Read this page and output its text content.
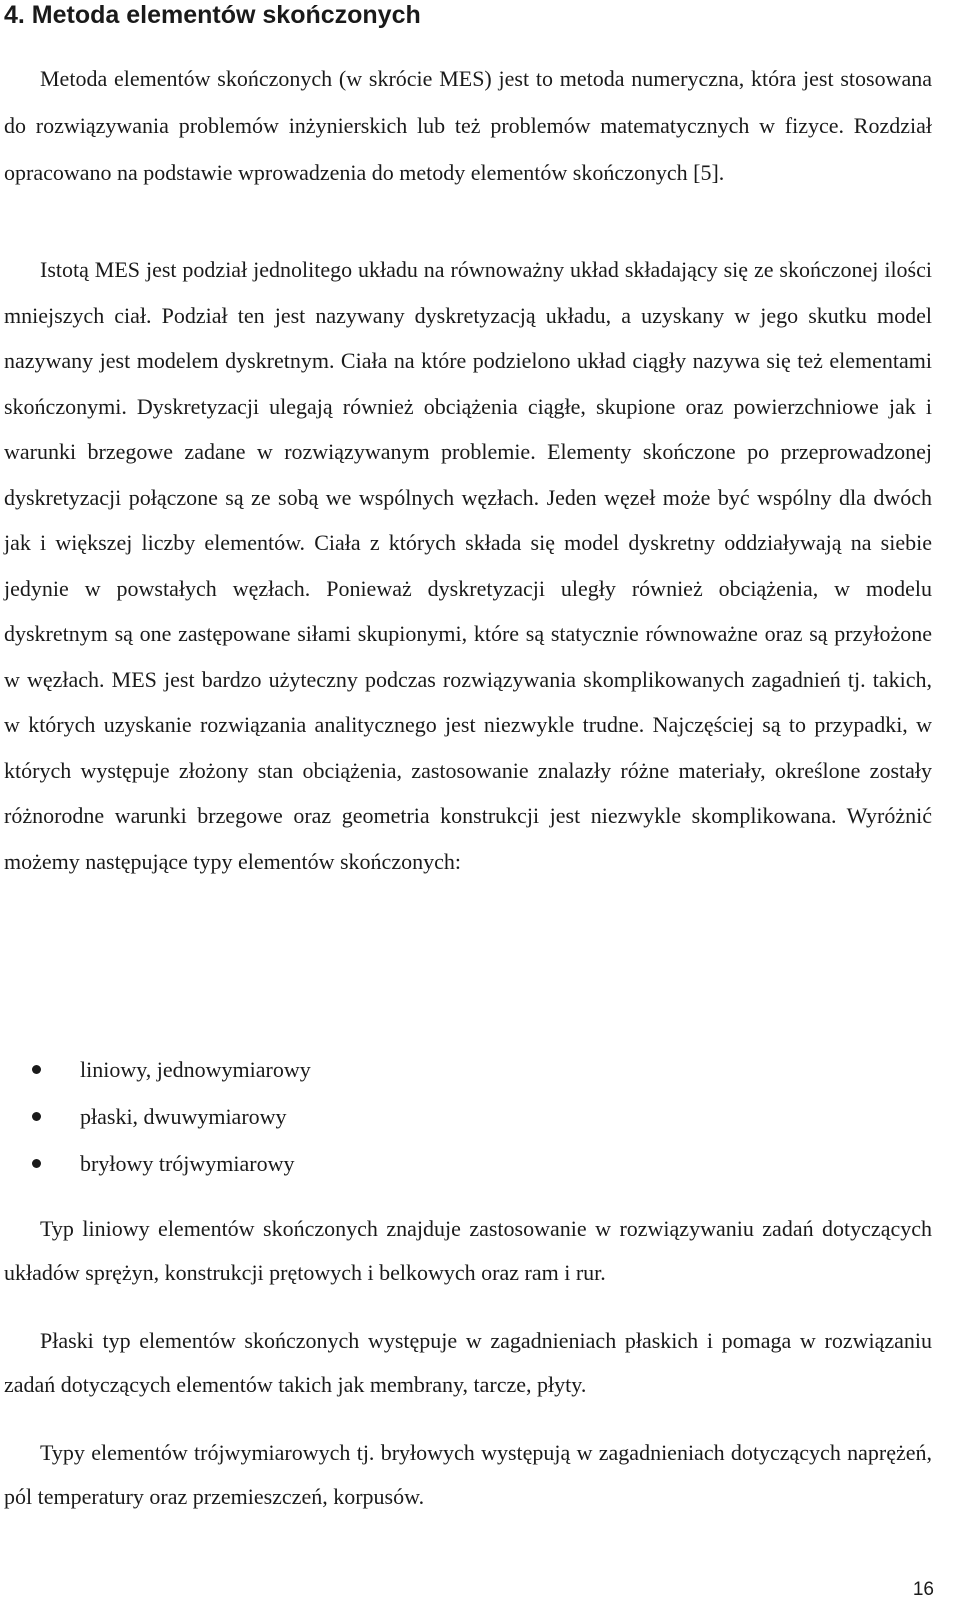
4. Metoda elementów skończonych

Metoda elementów skończonych (w skrócie MES) jest to metoda numeryczna, która jest stosowana do rozwiązywania problemów inżynierskich lub też problemów matematycznych w fizyce. Rozdział opracowano na podstawie wprowadzenia do metody elementów skończonych [5].

Istotą MES jest podział jednolitego układu na równoważny układ składający się ze skończonej ilości mniejszych ciał. Podział ten jest nazywany dyskretyzacją układu, a uzyskany w jego skutku model nazywany jest modelem dyskretnym. Ciała na które podzielono układ ciągły nazywa się też elementami skończonymi. Dyskretyzacji ulegają również obciążenia ciągłe, skupione oraz powierzchniowe jak i warunki brzegowe zadane w rozwiązywanym problemie. Elementy skończone po przeprowadzonej dyskretyzacji połączone są ze sobą we wspólnych węzłach. Jeden węzeł może być wspólny dla dwóch jak i większej liczby elementów. Ciała z których składa się model dyskretny oddziaływają na siebie jedynie w powstałych węzłach. Ponieważ dyskretyzacji uległy również obciążenia, w modelu dyskretnym są one zastępowane siłami skupionymi, które są statycznie równoważne oraz są przyłożone w węzłach. MES jest bardzo użyteczny podczas rozwiązywania skomplikowanych zagadnień tj. takich, w których uzyskanie rozwiązania analitycznego jest niezwykle trudne. Najczęściej są to przypadki, w których występuje złożony stan obciążenia, zastosowanie znalazły różne materiały, określone zostały różnorodne warunki brzegowe oraz geometria konstrukcji jest niezwykle skomplikowana. Wyróżnić możemy następujące typy elementów skończonych:

liniowy, jednowymiarowy
płaski, dwuwymiarowy
bryłowy trójwymiarowy

Typ liniowy elementów skończonych znajduje zastosowanie w rozwiązywaniu zadań dotyczących układów sprężyn, konstrukcji prętowych i belkowych oraz ram i rur.

Płaski typ elementów skończonych występuje w zagadnieniach płaskich i pomaga w rozwiązaniu zadań dotyczących elementów takich jak membrany, tarcze, płyty.

Typy elementów trójwymiarowych tj. bryłowych występują w zagadnieniach dotyczących naprężeń, pól temperatury oraz przemieszczeń, korpusów.

16
